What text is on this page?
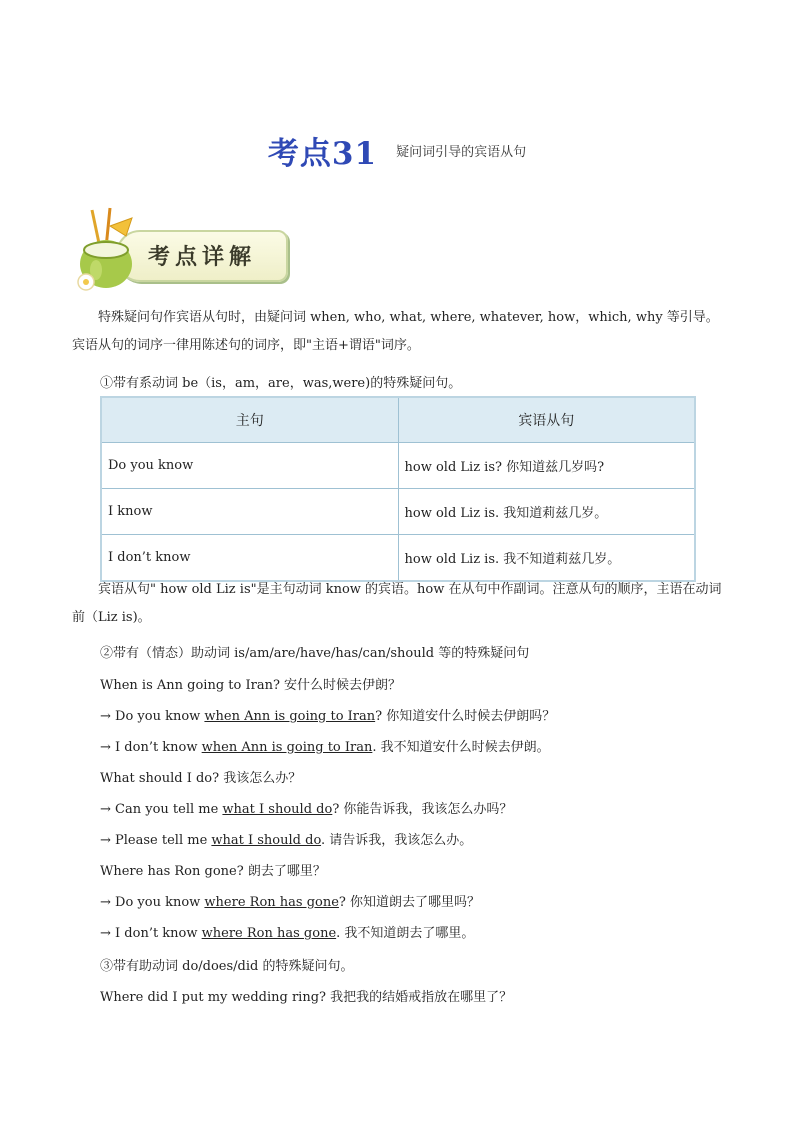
考点31 疑问词引导的宾语从句
考点详解

特殊疑问句作宾语从句时，由疑问词 when, who, what, where, whatever, how，which, why 等引导。宾语从句的词序一律用陈述句的词序，即"主语+谓语"词序。

①带有系动词 be（is，am，are，was,were)的特殊疑问句。

主句	宾语从句
Do you know	how old Liz is? 你知道兹几岁吗?
I know	how old Liz is. 我知道莉兹几岁。
I don’t know	how old Liz is. 我不知道莉兹几岁。

宾语从句" how old Liz is"是主句动词 know 的宾语。how 在从句中作副词。注意从句的顺序，主语在动词前（Liz is)。

②带有（情态）助动词 is/am/are/have/has/can/should 等的特殊疑问句

When is Ann going to Iran? 安什么时候去伊朗？
→ Do you know when Ann is going to Iran? 你知道安什么时候去伊朗吗？
→ I don’t know when Ann is going to Iran. 我不知道安什么时候去伊朗。
What should I do? 我该怎么办？
→ Can you tell me what I should do? 你能告诉我，我该怎么办吗？
→ Please tell me what I should do. 请告诉我，我该怎么办。
Where has Ron gone? 朗去了哪里？
→ Do you know where Ron has gone? 你知道朗去了哪里吗？
→ I don’t know where Ron has gone. 我不知道朗去了哪里。

③带有助动词 do/does/did 的特殊疑问句。

Where did I put my wedding ring? 我把我的结婚戒指放在哪里了？
